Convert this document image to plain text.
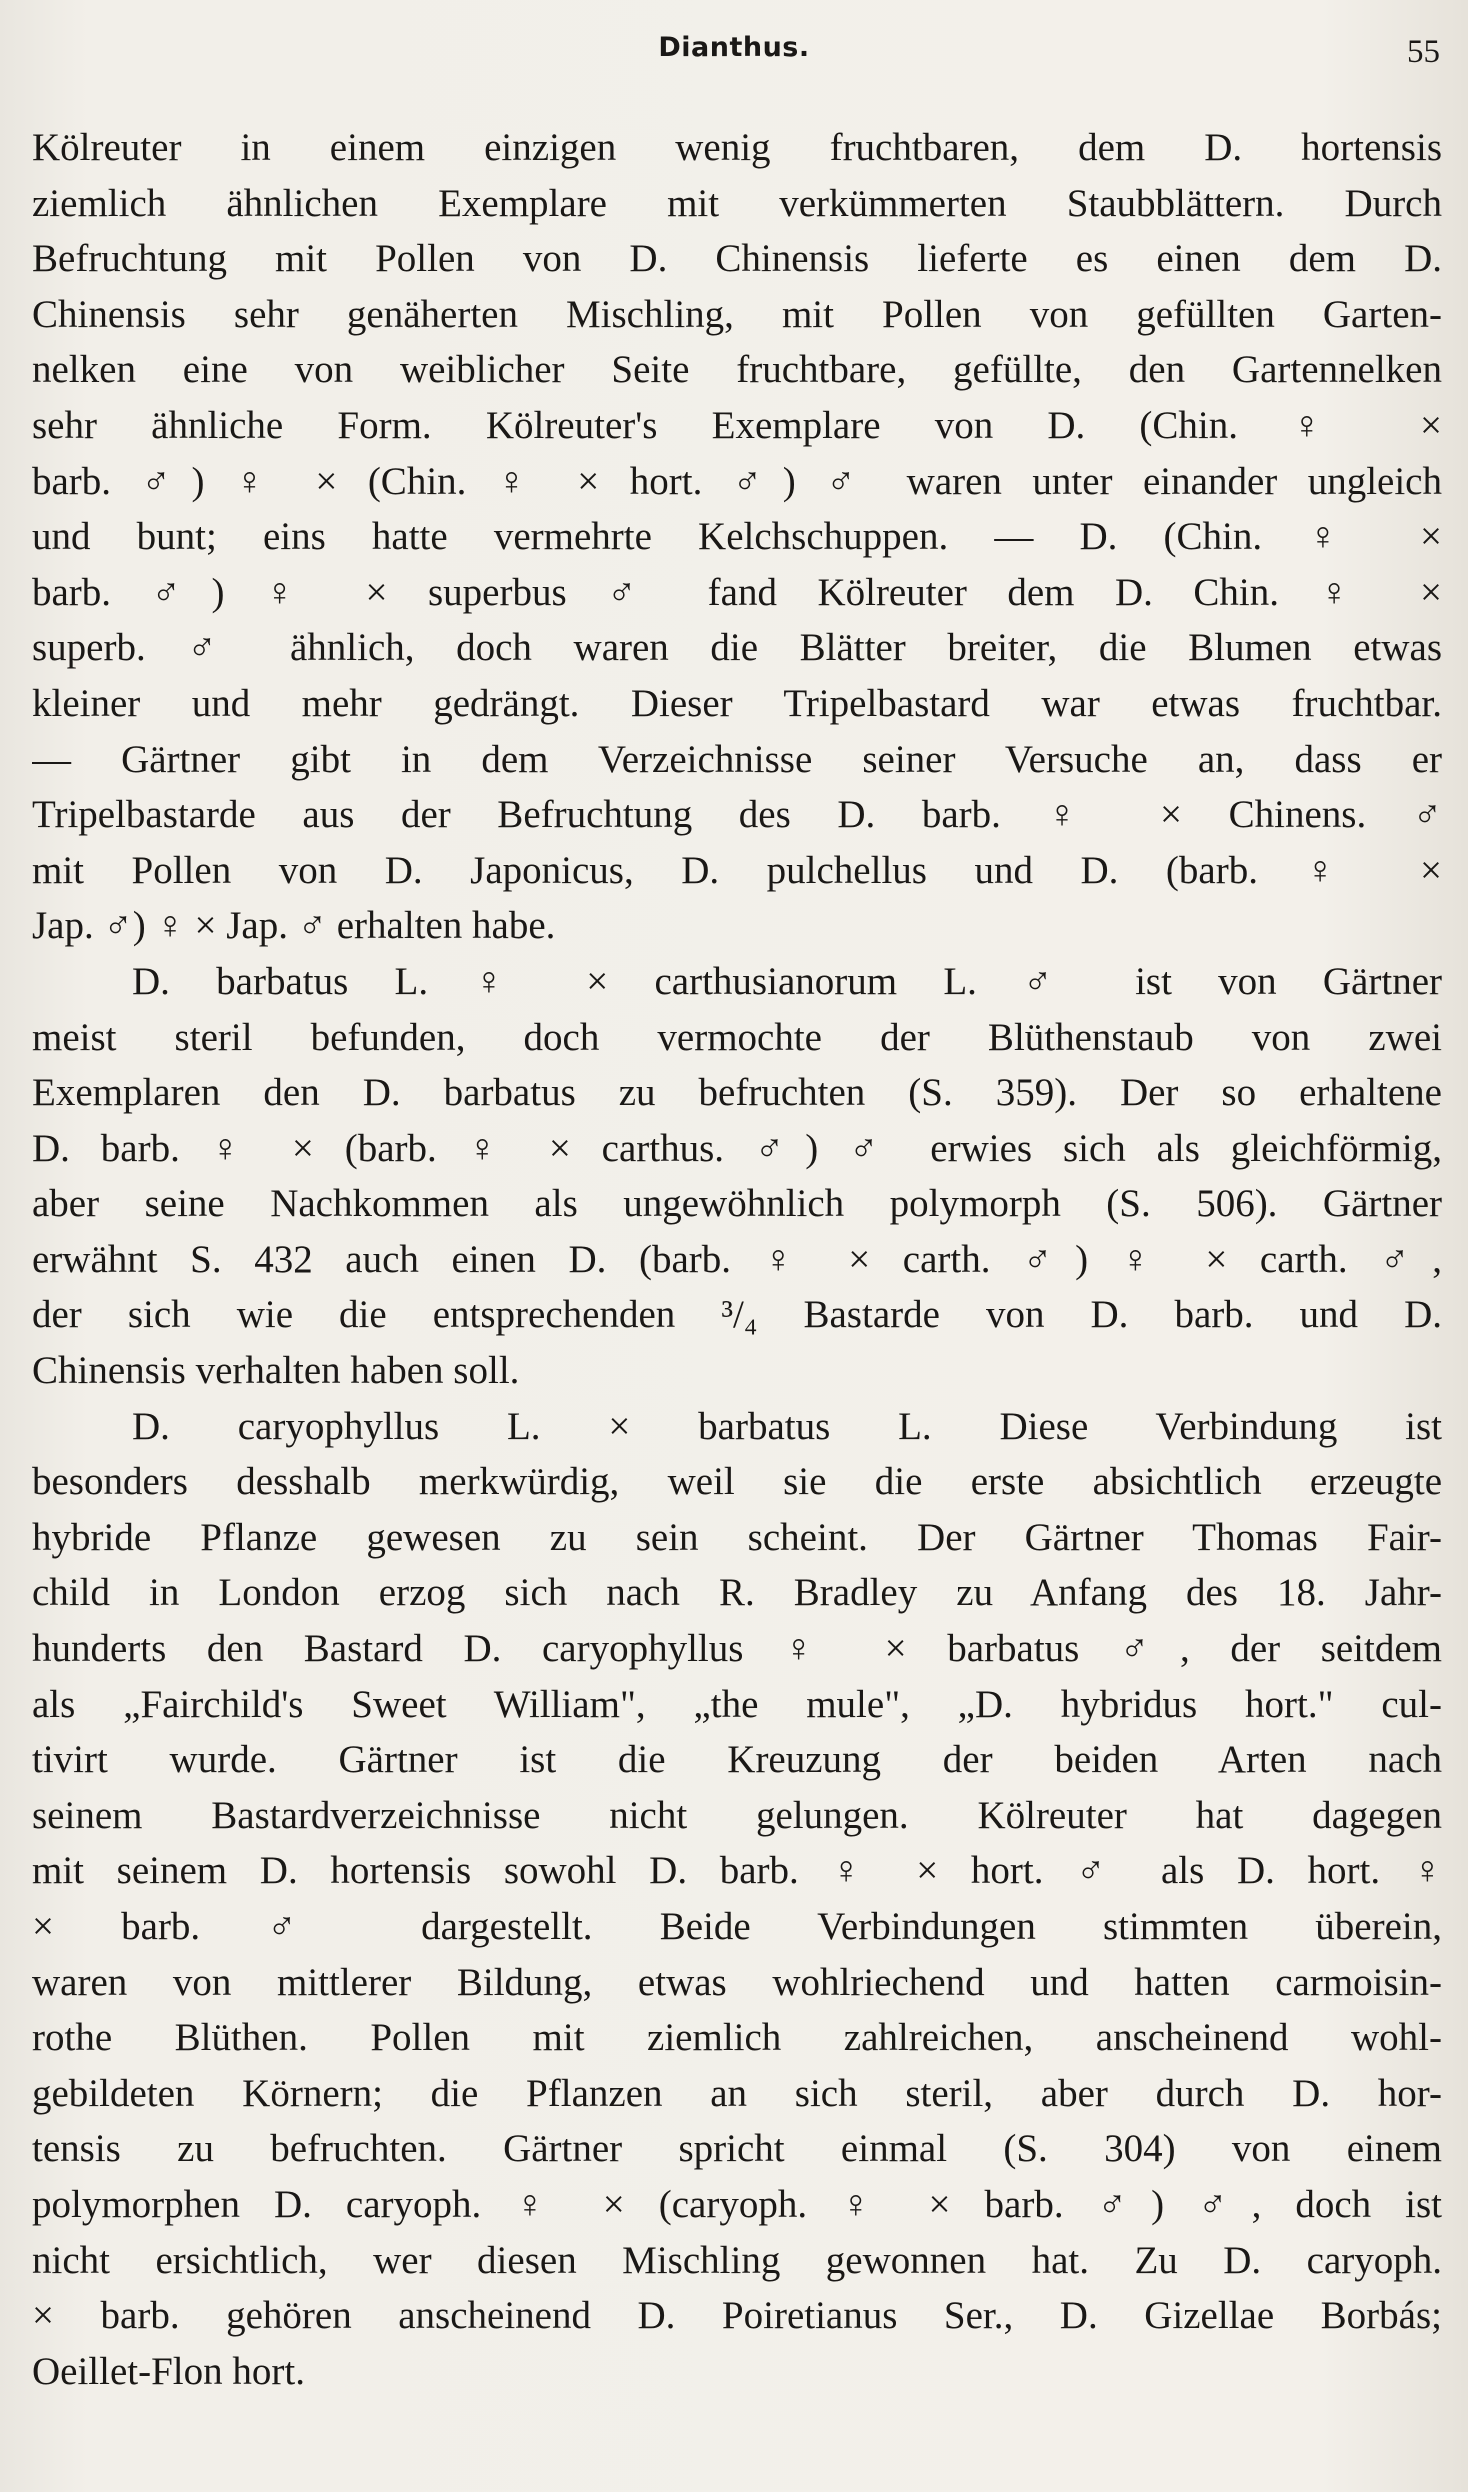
Dianthus.	55
Kölreuter in einem einzigen wenig fruchtbaren, dem D. hortensis
ziemlich ähnlichen Exemplare mit verkümmerten Staubblättern. Durch
Befruchtung mit Pollen von D. Chinensis lieferte es einen dem D.
Chinensis sehr genäherten Mischling, mit Pollen von gefüllten Garten-
nelken eine von weiblicher Seite fruchtbare, gefüllte, den Gartennelken
sehr ähnliche Form. Kölreuter's Exemplare von D. (Chin. ♀ ×
barb. ♂) ♀ × (Chin. ♀ × hort. ♂) ♂ waren unter einander ungleich
und bunt; eins hatte vermehrte Kelchschuppen. — D. (Chin. ♀ ×
barb. ♂) ♀ × superbus ♂ fand Kölreuter dem D. Chin. ♀ ×
superb. ♂ ähnlich, doch waren die Blätter breiter, die Blumen etwas
kleiner und mehr gedrängt. Dieser Tripelbastard war etwas fruchtbar.
— Gärtner gibt in dem Verzeichnisse seiner Versuche an, dass er
Tripelbastarde aus der Befruchtung des D. barb. ♀ × Chinens. ♂
mit Pollen von D. Japonicus, D. pulchellus und D. (barb. ♀ ×
Jap. ♂) ♀ × Jap. ♂ erhalten habe.
D. barbatus L. ♀ × carthusianorum L. ♂ ist von Gärtner
meist steril befunden, doch vermochte der Blüthenstaub von zwei
Exemplaren den D. barbatus zu befruchten (S. 359). Der so erhaltene
D. barb. ♀ × (barb. ♀ × carthus. ♂) ♂ erwies sich als gleichförmig,
aber seine Nachkommen als ungewöhnlich polymorph (S. 506). Gärtner
erwähnt S. 432 auch einen D. (barb. ♀ × carth. ♂) ♀ × carth. ♂,
der sich wie die entsprechenden ³/₄ Bastarde von D. barb. und D.
Chinensis verhalten haben soll.
D. caryophyllus L. × barbatus L. Diese Verbindung ist
besonders desshalb merkwürdig, weil sie die erste absichtlich erzeugte
hybride Pflanze gewesen zu sein scheint. Der Gärtner Thomas Fair-
child in London erzog sich nach R. Bradley zu Anfang des 18. Jahr-
hunderts den Bastard D. caryophyllus ♀ × barbatus ♂, der seitdem
als „Fairchild's Sweet William", „the mule", „D. hybridus hort." cul-
tivirt wurde. Gärtner ist die Kreuzung der beiden Arten nach
seinem Bastardverzeichnisse nicht gelungen. Kölreuter hat dagegen
mit seinem D. hortensis sowohl D. barb. ♀ × hort. ♂ als D. hort. ♀
× barb. ♂ dargestellt. Beide Verbindungen stimmten überein,
waren von mittlerer Bildung, etwas wohlriechend und hatten carmoisin-
rothe Blüthen. Pollen mit ziemlich zahlreichen, anscheinend wohl-
gebildeten Körnern; die Pflanzen an sich steril, aber durch D. hor-
tensis zu befruchten. Gärtner spricht einmal (S. 304) von einem
polymorphen D. caryoph. ♀ × (caryoph. ♀ × barb. ♂) ♂, doch ist
nicht ersichtlich, wer diesen Mischling gewonnen hat. Zu D. caryoph.
× barb. gehören anscheinend D. Poiretianus Ser., D. Gizellae Borbás;
Oeillet-Flon hort.
